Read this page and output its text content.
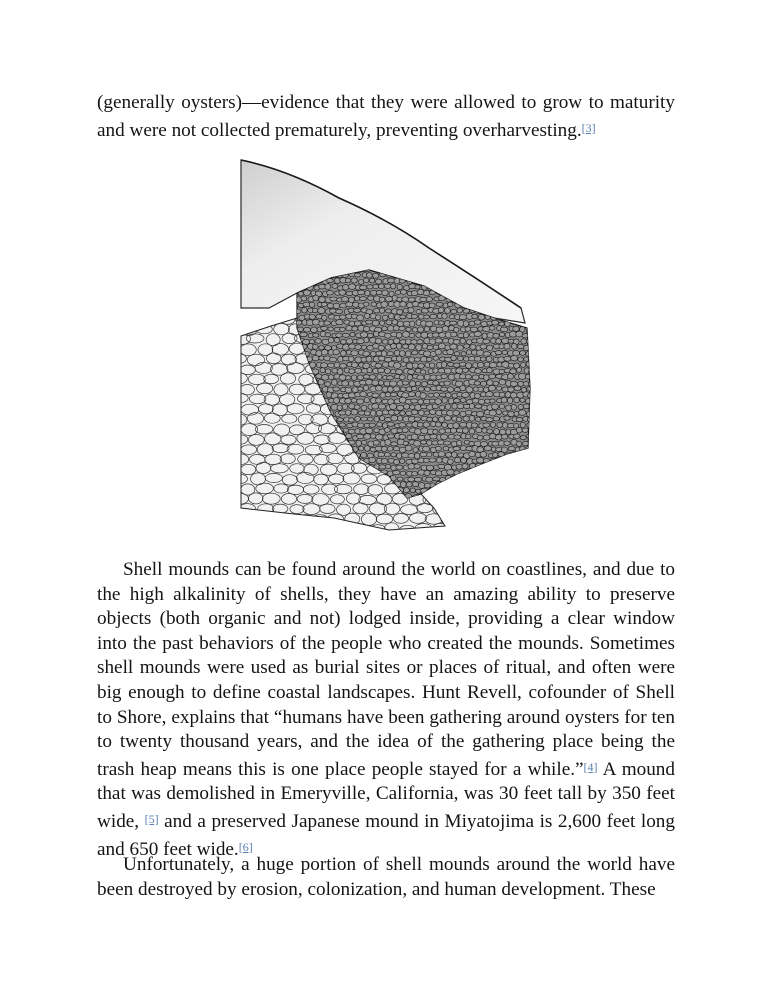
(generally oysters)—evidence that they were allowed to grow to maturity and were not collected prematurely, preventing overharvesting.[3]

Shell mounds can be found around the world on coastlines, and due to the high alkalinity of shells, they have an amazing ability to preserve objects (both organic and not) lodged inside, providing a clear window into the past behaviors of the people who created the mounds. Sometimes shell mounds were used as burial sites or places of ritual, and often were big enough to define coastal landscapes. Hunt Revell, cofounder of Shell to Shore, explains that “humans have been gathering around oysters for ten to twenty thousand years, and the idea of the gathering place being the trash heap means this is one place people stayed for a while.”[4] A mound that was demolished in Emeryville, California, was 30 feet tall by 350 feet wide, [5] and a preserved Japanese mound in Miyatojima is 2,600 feet long and 650 feet wide.[6]

Unfortunately, a huge portion of shell mounds around the world have been destroyed by erosion, colonization, and human development. These
